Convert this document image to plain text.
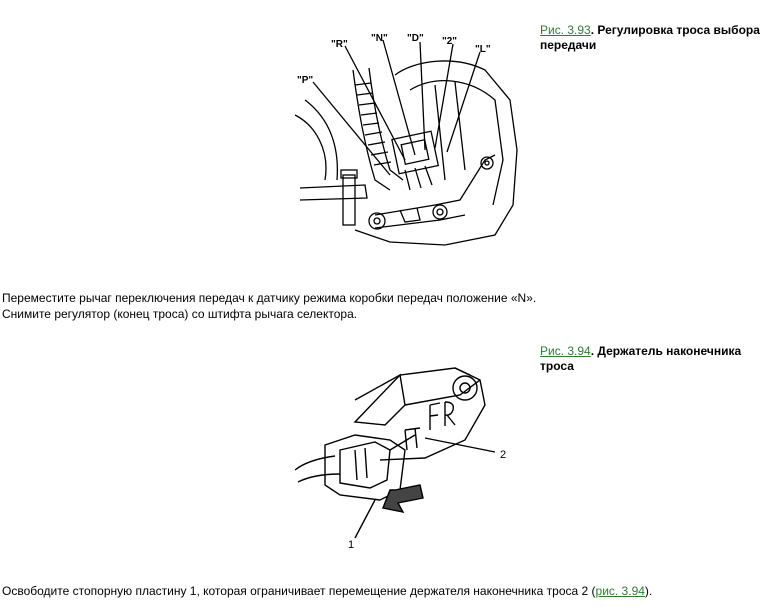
"P"
"R"
"N" "D" "2"
"L"
Рис. 3.93. Регулировка троса выбора передачи
Переместите рычаг переключения передач к датчику режима коробки передач положение «N».
Снимите регулятор (конец троса) со штифта рычага селектора.
1
2
Рис. 3.94. Держатель наконечника троса
Освободите стопорную пластину 1, которая ограничивает перемещение держателя наконечника троса 2 (рис. 3.94).
